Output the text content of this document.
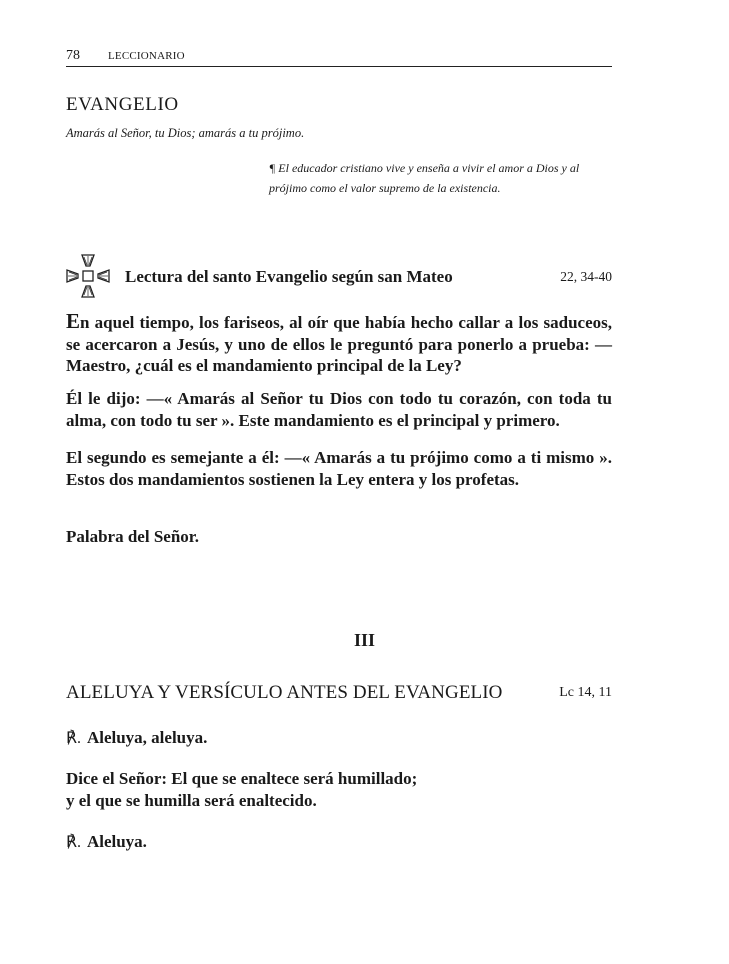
78	LECCIONARIO
EVANGELIO
Amarás al Señor, tu Dios; amarás a tu prójimo.
¶ El educador cristiano vive y enseña a vivir el amor a Dios y al prójimo como el valor supremo de la existencia.
Lectura del santo Evangelio según san Mateo	22, 34-40
En aquel tiempo, los fariseos, al oír que había hecho callar a los saduceos, se acercaron a Jesús, y uno de ellos le preguntó para ponerlo a prueba: —Maestro, ¿cuál es el mandamiento principal de la Ley?
Él le dijo: —« Amarás al Señor tu Dios con todo tu corazón, con toda tu alma, con todo tu ser ». Este mandamiento es el principal y primero.
El segundo es semejante a él: —« Amarás a tu prójimo como a ti mismo ». Estos dos mandamientos sostienen la Ley entera y los profetas.
Palabra del Señor.
III
ALELUYA Y VERSÍCULO ANTES DEL EVANGELIO	Lc 14, 11
℟. Aleluya, aleluya.
Dice el Señor: El que se enaltece será humillado;
y el que se humilla será enaltecido.
℟. Aleluya.
